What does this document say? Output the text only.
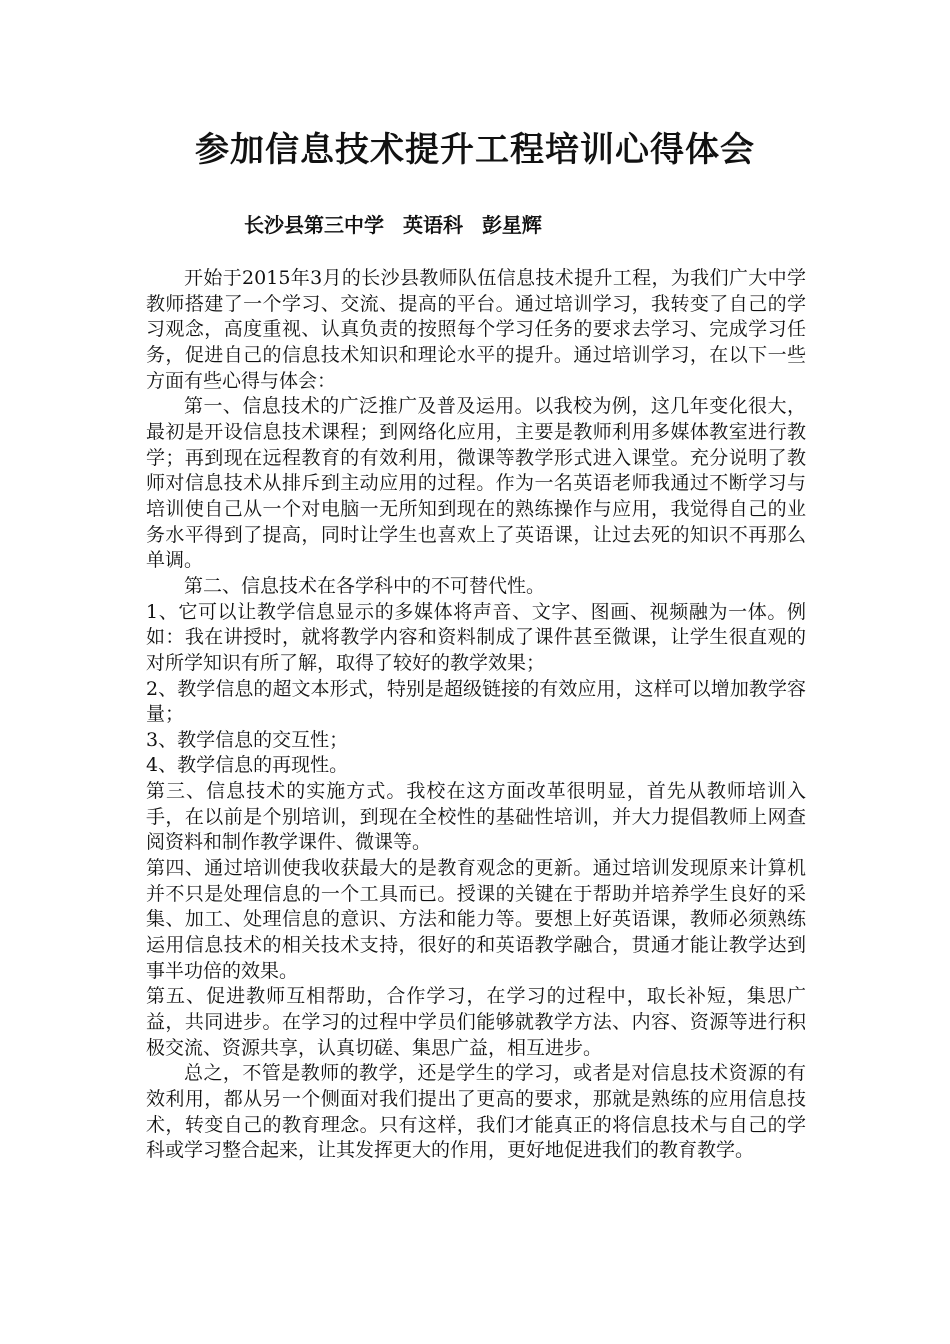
参加信息技术提升工程培训心得体会
长沙县第三中学 英语科 彭星辉

开始于2015年3月的长沙县教师队伍信息技术提升工程，为我们广大中学教师搭建了一个学习、交流、提高的平台。通过培训学习，我转变了自己的学习观念，高度重视、认真负责的按照每个学习任务的要求去学习、完成学习任务，促进自己的信息技术知识和理论水平的提升。通过培训学习，在以下一些方面有些心得与体会：

第一、信息技术的广泛推广及普及运用。以我校为例，这几年变化很大，最初是开设信息技术课程；到网络化应用，主要是教师利用多媒体教室进行教学；再到现在远程教育的有效利用，微课等教学形式进入课堂。充分说明了教师对信息技术从排斥到主动应用的过程。作为一名英语老师我通过不断学习与培训使自己从一个对电脑一无所知到现在的熟练操作与应用，我觉得自己的业务水平得到了提高，同时让学生也喜欢上了英语课，让过去死的知识不再那么单调。

第二、信息技术在各学科中的不可替代性。

1、它可以让教学信息显示的多媒体将声音、文字、图画、视频融为一体。例如：我在讲授时，就将教学内容和资料制成了课件甚至微课，让学生很直观的对所学知识有所了解，取得了较好的教学效果；

2、教学信息的超文本形式，特别是超级链接的有效应用，这样可以增加教学容量；

3、教学信息的交互性；

4、教学信息的再现性。

第三、信息技术的实施方式。我校在这方面改革很明显，首先从教师培训入手，在以前是个别培训，到现在全校性的基础性培训，并大力提倡教师上网查阅资料和制作教学课件、微课等。

第四、通过培训使我收获最大的是教育观念的更新。通过培训发现原来计算机并不只是处理信息的一个工具而已。授课的关键在于帮助并培养学生良好的采集、加工、处理信息的意识、方法和能力等。要想上好英语课，教师必须熟练运用信息技术的相关技术支持，很好的和英语教学融合，贯通才能让教学达到事半功倍的效果。

第五、促进教师互相帮助，合作学习，在学习的过程中，取长补短，集思广益，共同进步。在学习的过程中学员们能够就教学方法、内容、资源等进行积极交流、资源共享，认真切磋、集思广益，相互进步。

总之，不管是教师的教学，还是学生的学习，或者是对信息技术资源的有效利用，都从另一个侧面对我们提出了更高的要求，那就是熟练的应用信息技术，转变自己的教育理念。只有这样，我们才能真正的将信息技术与自己的学科或学习整合起来，让其发挥更大的作用，更好地促进我们的教育教学。
